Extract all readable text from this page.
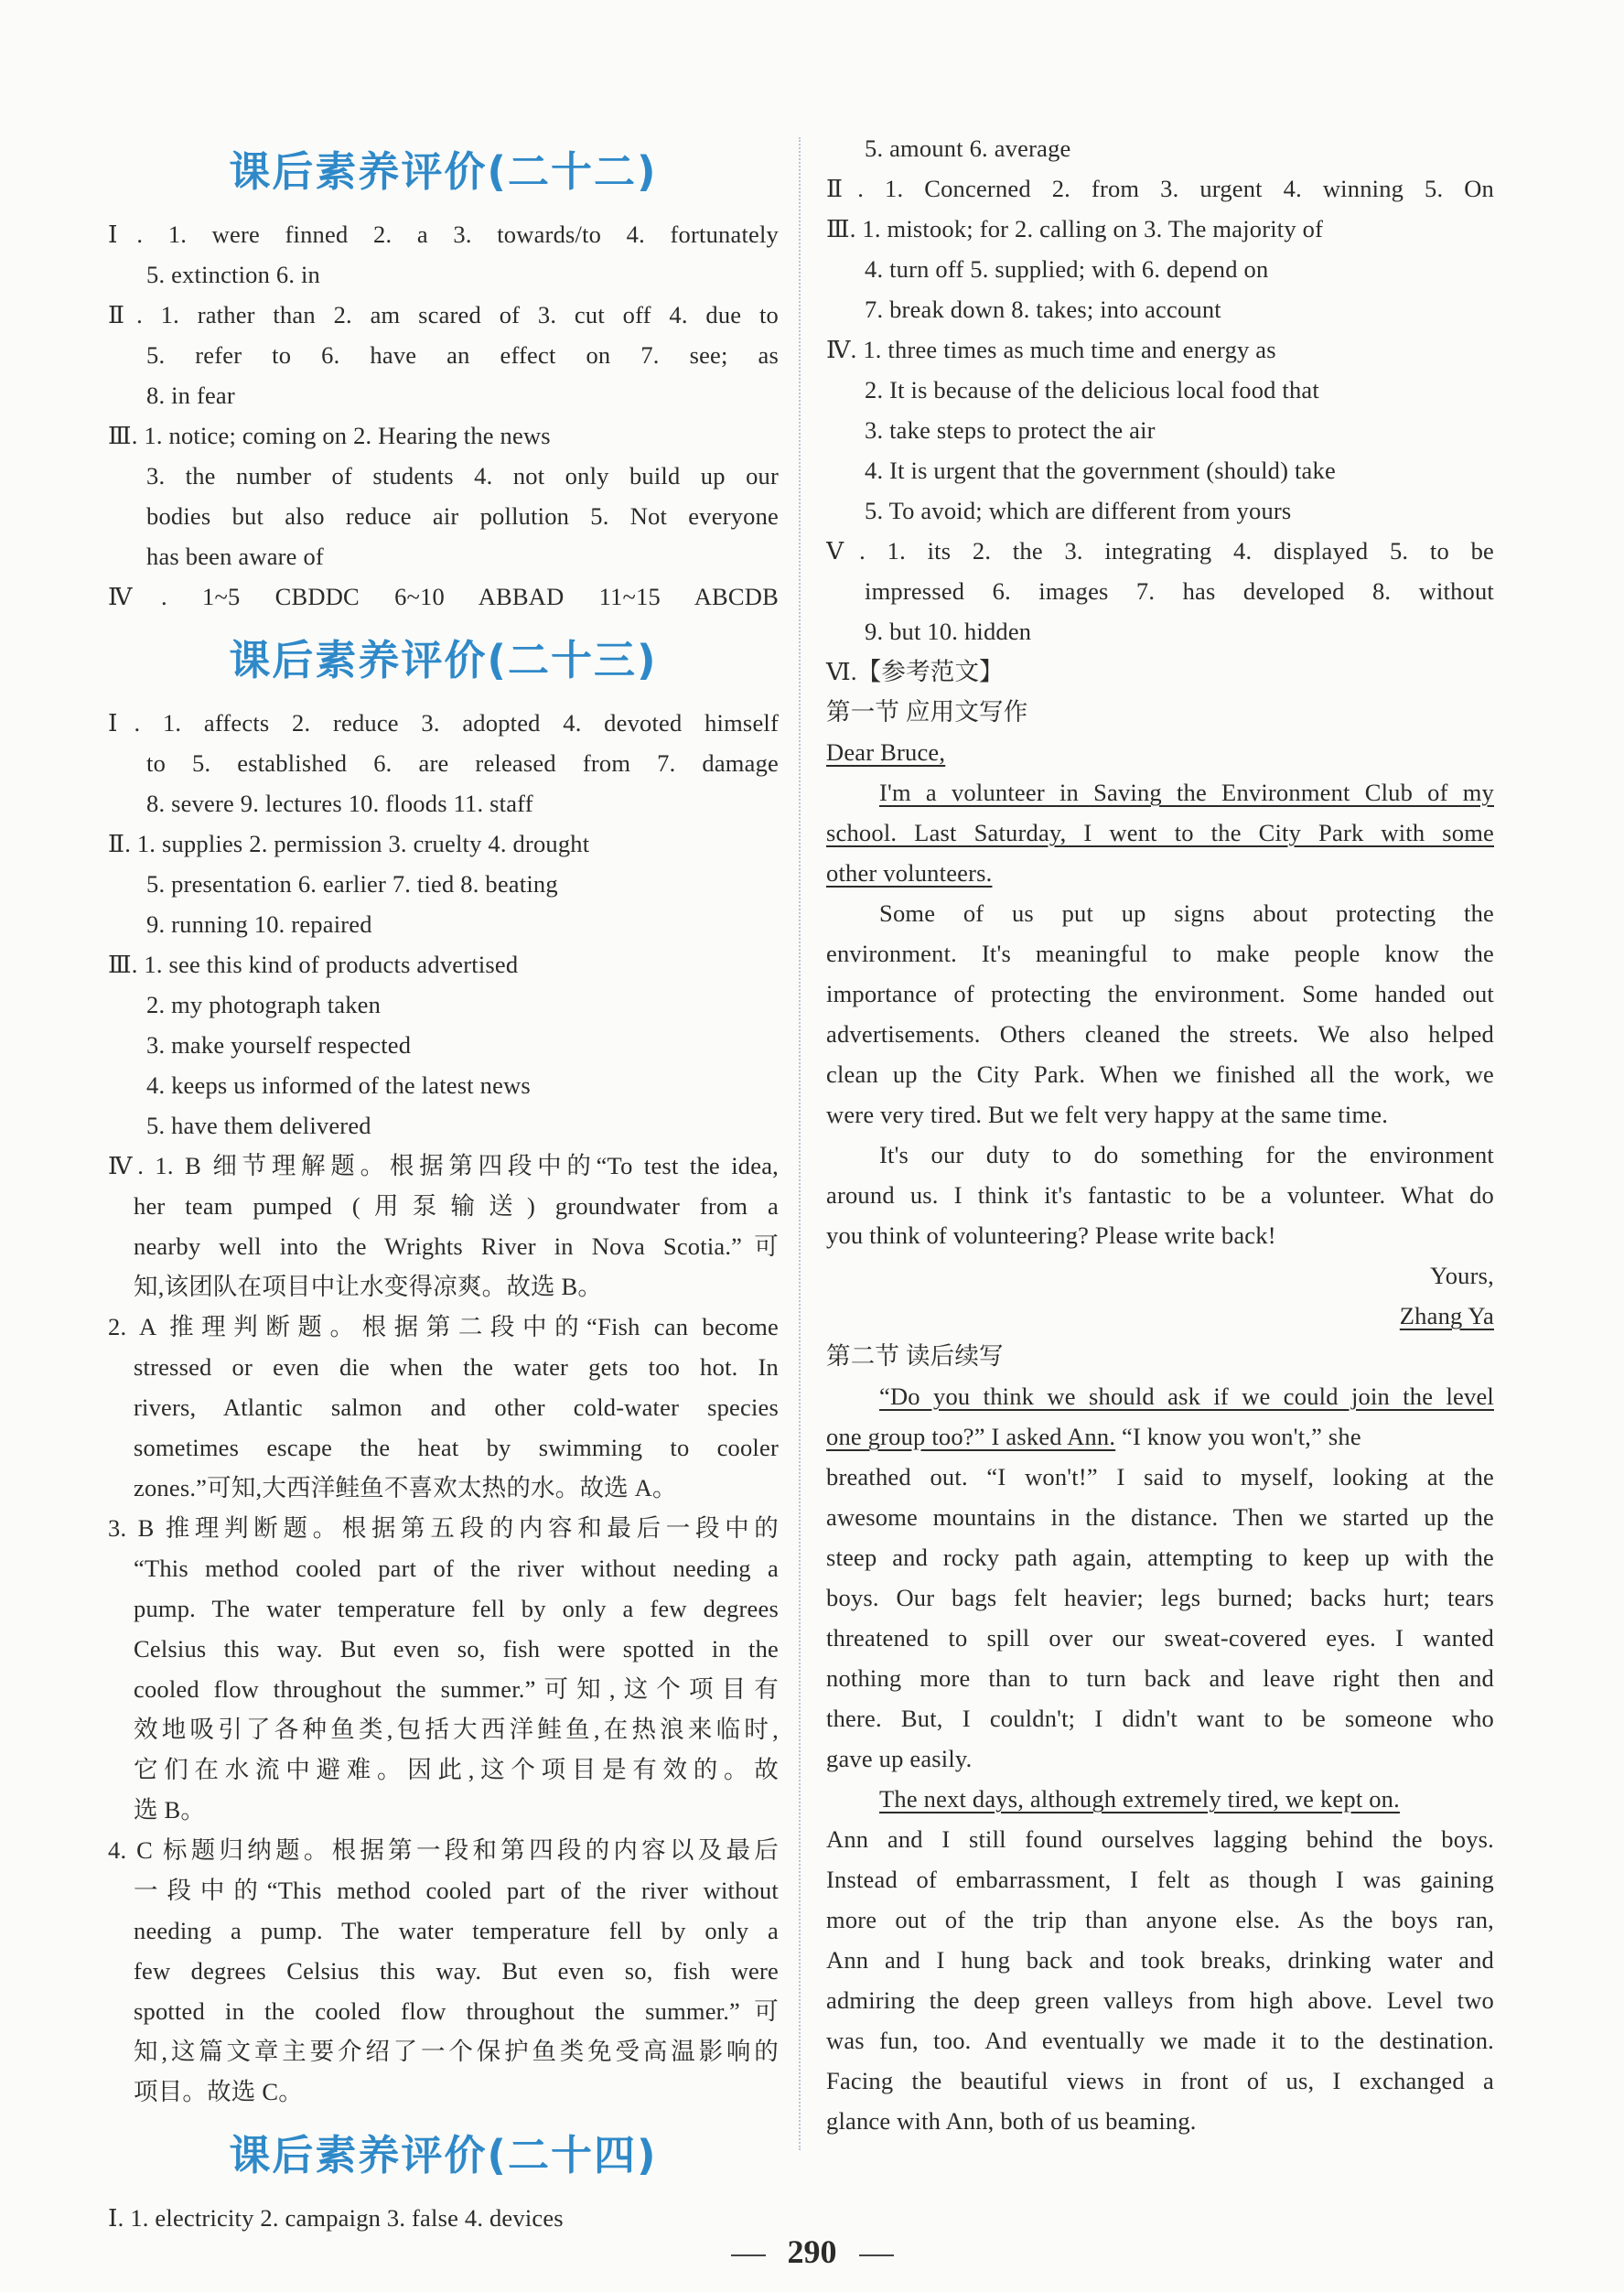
课后素养评价(二十二)
Ⅰ. 1. were finned 2. a 3. towards/to 4. fortunately
5. extinction 6. in
Ⅱ. 1. rather than 2. am scared of 3. cut off 4. due to
5. refer to 6. have an effect on 7. see; as
8. in fear
Ⅲ. 1. notice; coming on 2. Hearing the news
3. the number of students 4. not only build up our
bodies but also reduce air pollution 5. Not everyone
has been aware of
Ⅳ. 1~5 CBDDC 6~10 ABBAD 11~15 ABCDB
课后素养评价(二十三)
Ⅰ. 1. affects 2. reduce 3. adopted 4. devoted himself
to 5. established 6. are released from 7. damage
8. severe 9. lectures 10. floods 11. staff
Ⅱ. 1. supplies 2. permission 3. cruelty 4. drought
5. presentation 6. earlier 7. tied 8. beating
9. running 10. repaired
Ⅲ. 1. see this kind of products advertised
2. my photograph taken
3. make yourself respected
4. keeps us informed of the latest news
5. have them delivered
Ⅳ. 1. B 细节理解题。根据第四段中的“To test the idea,
her team pumped (用泵输送) groundwater from a
nearby well into the Wrights River in Nova Scotia.”可
知,该团队在项目中让水变得凉爽。故选 B。
2. A 推理判断题。根据第二段中的“Fish can become
stressed or even die when the water gets too hot. In
rivers, Atlantic salmon and other cold-water species
sometimes escape the heat by swimming to cooler
zones.”可知,大西洋鲑鱼不喜欢太热的水。故选 A。
3. B 推理判断题。根据第五段的内容和最后一段中的
“This method cooled part of the river without needing a
pump. The water temperature fell by only a few degrees
Celsius this way. But even so, fish were spotted in the
cooled flow throughout the summer.”可知,这个项目有
效地吸引了各种鱼类,包括大西洋鲑鱼,在热浪来临时,
它们在水流中避难。因此,这个项目是有效的。故
选 B。
4. C 标题归纳题。根据第一段和第四段的内容以及最后
一段中的“This method cooled part of the river without
needing a pump. The water temperature fell by only a
few degrees Celsius this way. But even so, fish were
spotted in the cooled flow throughout the summer.”可
知,这篇文章主要介绍了一个保护鱼类免受高温影响的
项目。故选 C。
课后素养评价(二十四)
Ⅰ. 1. electricity 2. campaign 3. false 4. devices
5. amount 6. average
Ⅱ. 1. Concerned 2. from 3. urgent 4. winning 5. On
Ⅲ. 1. mistook; for 2. calling on 3. The majority of
4. turn off 5. supplied; with 6. depend on
7. break down 8. takes; into account
Ⅳ. 1. three times as much time and energy as
2. It is because of the delicious local food that
3. take steps to protect the air
4. It is urgent that the government (should) take
5. To avoid; which are different from yours
Ⅴ. 1. its 2. the 3. integrating 4. displayed 5. to be
impressed 6. images 7. has developed 8. without
9. but 10. hidden
Ⅵ.【参考范文】
第一节 应用文写作
Dear Bruce,
I'm a volunteer in Saving the Environment Club of my
school. Last Saturday, I went to the City Park with some
other volunteers.
Some of us put up signs about protecting the
environment. It's meaningful to make people know the
importance of protecting the environment. Some handed out
advertisements. Others cleaned the streets. We also helped
clean up the City Park. When we finished all the work, we
were very tired. But we felt very happy at the same time.
It's our duty to do something for the environment
around us. I think it's fantastic to be a volunteer. What do
you think of volunteering? Please write back!
Yours,
Zhang Ya
第二节 读后续写
“Do you think we should ask if we could join the level
one group too?” I asked Ann. “I know you won't,” she
breathed out. “I won't!” I said to myself, looking at the
awesome mountains in the distance. Then we started up the
steep and rocky path again, attempting to keep up with the
boys. Our bags felt heavier; legs burned; backs hurt; tears
threatened to spill over our sweat-covered eyes. I wanted
nothing more than to turn back and leave right then and
there. But, I couldn't; I didn't want to be someone who
gave up easily.
The next days, although extremely tired, we kept on.
Ann and I still found ourselves lagging behind the boys.
Instead of embarrassment, I felt as though I was gaining
more out of the trip than anyone else. As the boys ran,
Ann and I hung back and took breaks, drinking water and
admiring the deep green valleys from high above. Level two
was fun, too. And eventually we made it to the destination.
Facing the beautiful views in front of us, I exchanged a
glance with Ann, both of us beaming.
290
